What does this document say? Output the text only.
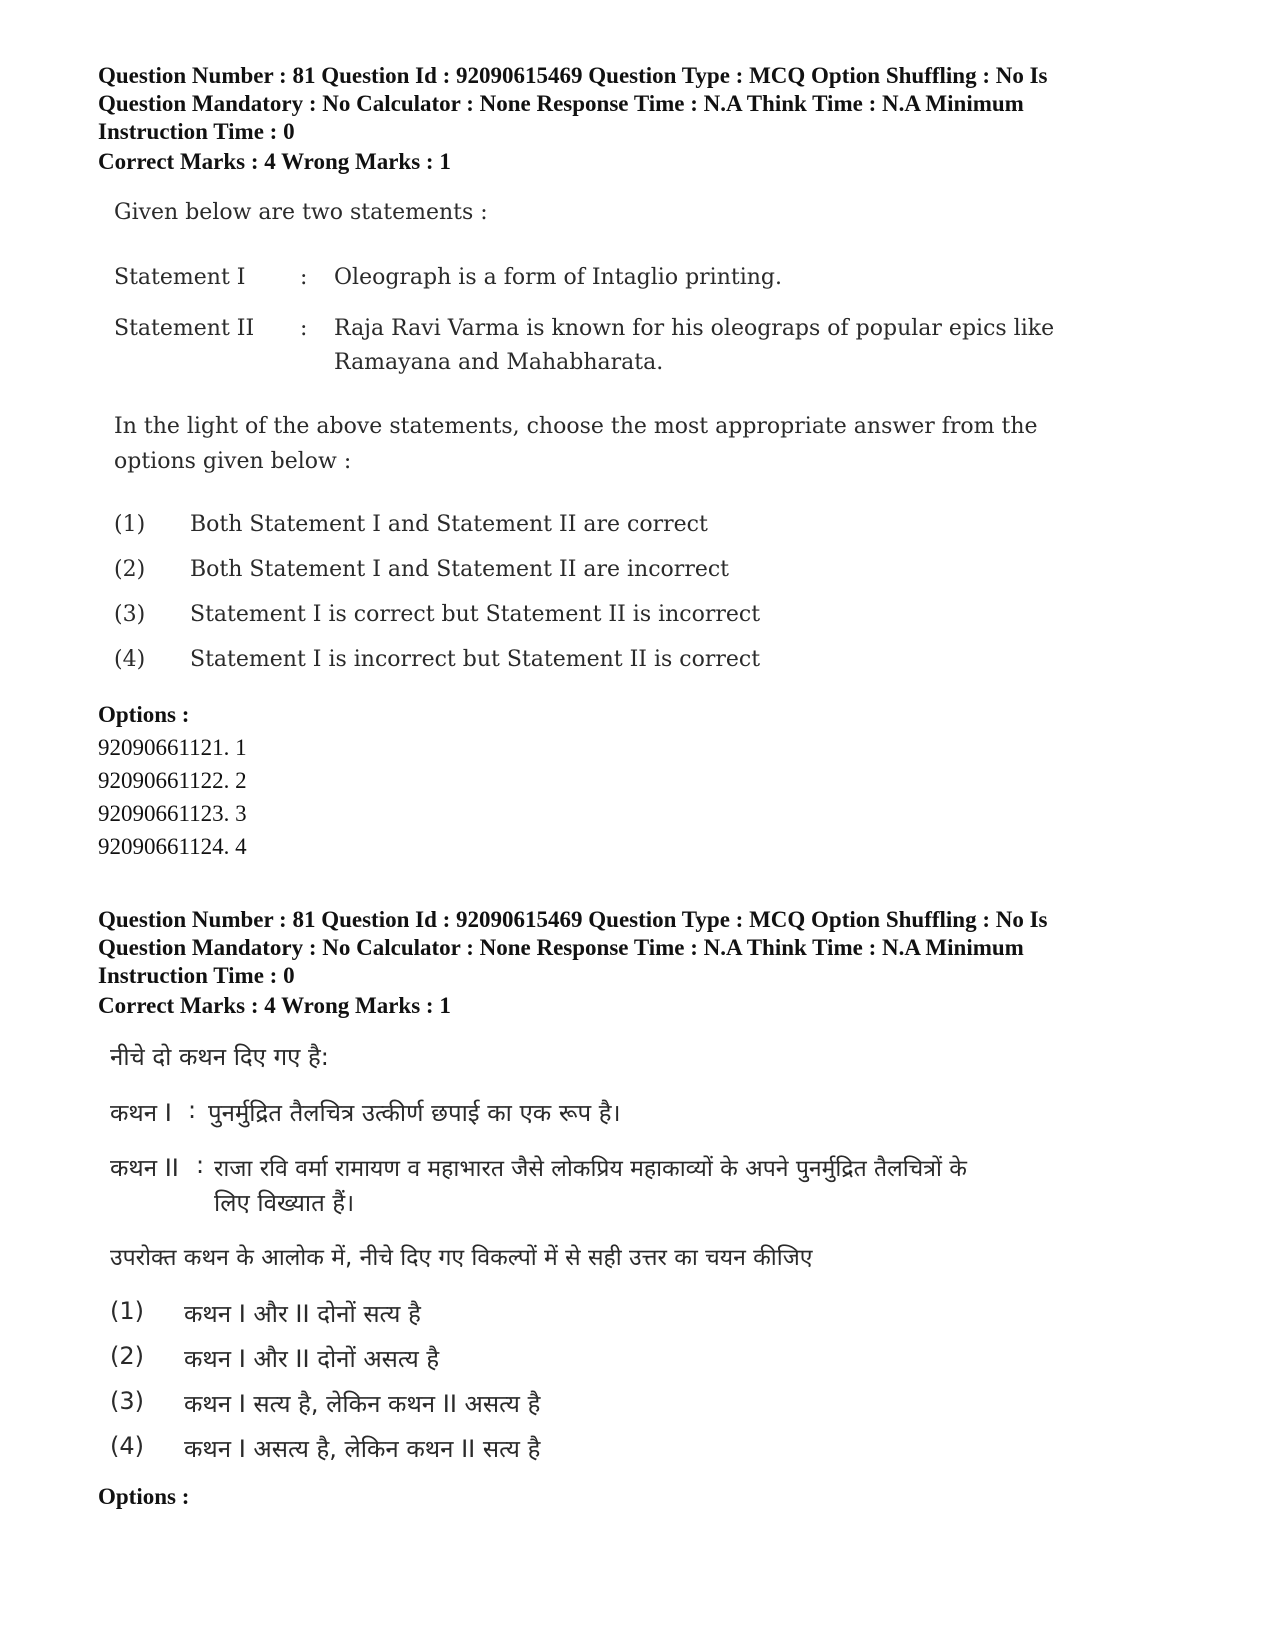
Question Number : 81 Question Id : 92090615469 Question Type : MCQ Option Shuffling : No Is
Question Mandatory : No Calculator : None Response Time : N.A Think Time : N.A Minimum
Instruction Time : 0
Correct Marks : 4 Wrong Marks : 1
Given below are two statements :
Statement I : Oleograph is a form of Intaglio printing.
Statement II : Raja Ravi Varma is known for his oleograps of popular epics like
Ramayana and Mahabharata.
In the light of the above statements, choose the most appropriate answer from the
options given below :
(1) Both Statement I and Statement II are correct
(2) Both Statement I and Statement II are incorrect
(3) Statement I is correct but Statement II is incorrect
(4) Statement I is incorrect but Statement II is correct
Options :
92090661121. 1
92090661122. 2
92090661123. 3
92090661124. 4
Question Number : 81 Question Id : 92090615469 Question Type : MCQ Option Shuffling : No Is
Question Mandatory : No Calculator : None Response Time : N.A Think Time : N.A Minimum
Instruction Time : 0
Correct Marks : 4 Wrong Marks : 1
नीचे दो कथन दिए गए है:
कथन I : पुनर्मुद्रित तैलचित्र उत्कीर्ण छपाई का एक रूप है।
कथन II : राजा रवि वर्मा रामायण व महाभारत जैसे लोकप्रिय महाकाव्यों के अपने पुनर्मुद्रित तैलचित्रों के
लिए विख्यात हैं।
उपरोक्त कथन के आलोक में, नीचे दिए गए विकल्पों में से सही उत्तर का चयन कीजिए
(1) कथन I और II दोनों सत्य है
(2) कथन I और II दोनों असत्य है
(3) कथन I सत्य है, लेकिन कथन II असत्य है
(4) कथन I असत्य है, लेकिन कथन II सत्य है
Options :
